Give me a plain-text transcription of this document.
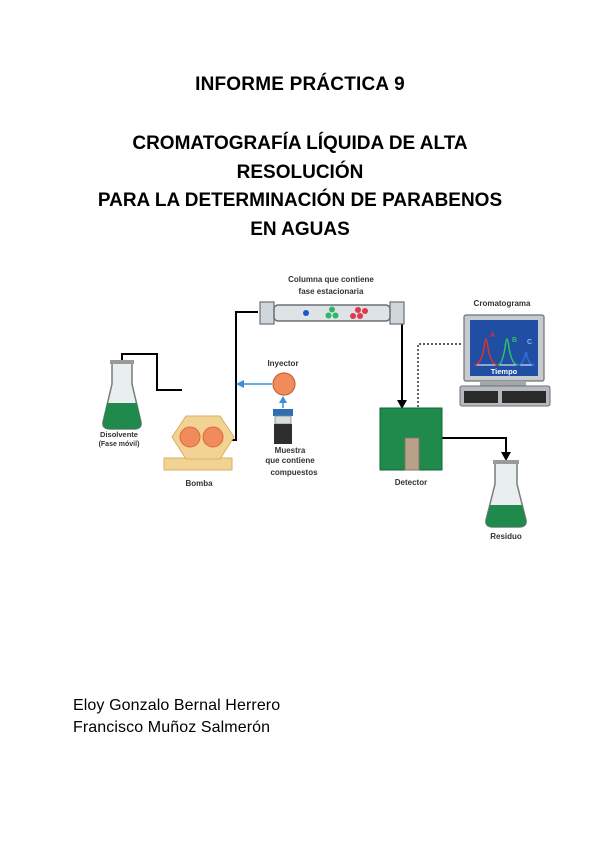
INFORME PRÁCTICA 9
CROMATOGRAFÍA LÍQUIDA DE ALTA
RESOLUCIÓN
PARA LA DETERMINACIÓN DE PARABENOS
EN AGUAS
Disolvente
(Fase móvil)
Bomba
Columna que contiene
fase estacionaria
Inyector
Muestra
que contiene
compuestos
Detector
Residuo
Cromatograma
A
B C
Tiempo
Eloy Gonzalo Bernal Herrero
Francisco Muñoz Salmerón
